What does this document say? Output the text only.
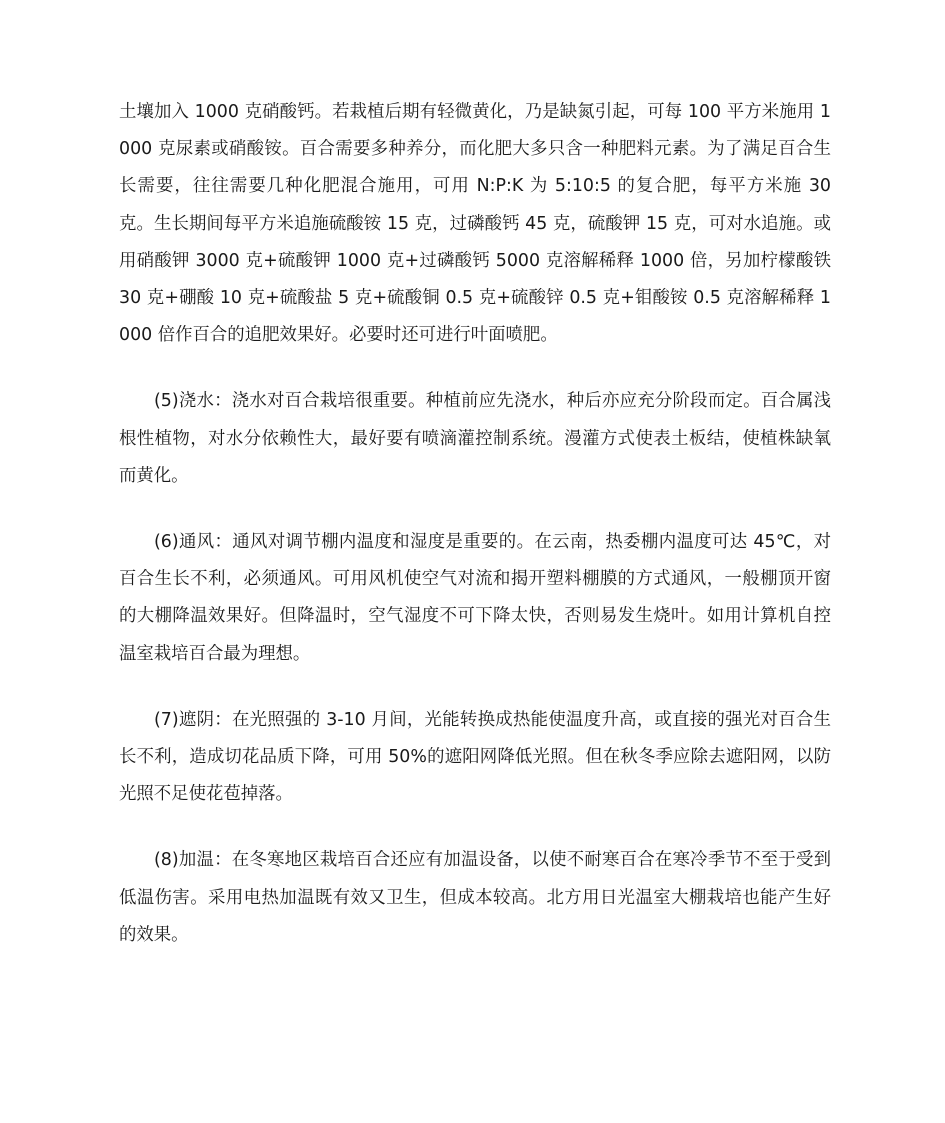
土壤加入 1000 克硝酸钙。若栽植后期有轻微黄化，乃是缺氮引起，可每 100 平方米施用 1000 克尿素或硝酸铵。百合需要多种养分，而化肥大多只含一种肥料元素。为了满足百合生长需要，往往需要几种化肥混合施用，可用 N:P:K 为 5:10:5 的复合肥，每平方米施 30 克。生长期间每平方米追施硫酸铵 15 克，过磷酸钙 45 克，硫酸钾 15 克，可对水追施。或用硝酸钾 3000 克+硫酸钾 1000 克+过磷酸钙 5000 克溶解稀释 1000 倍，另加柠檬酸铁 30 克+硼酸 10 克+硫酸盐 5 克+硫酸铜 0.5 克+硫酸锌 0.5 克+钼酸铵 0.5 克溶解稀释 1000 倍作百合的追肥效果好。必要时还可进行叶面喷肥。

(5)浇水：浇水对百合栽培很重要。种植前应先浇水，种后亦应充分阶段而定。百合属浅根性植物，对水分依赖性大，最好要有喷滴灌控制系统。漫灌方式使表土板结，使植株缺氧而黄化。

(6)通风：通风对调节棚内温度和湿度是重要的。在云南，热委棚内温度可达 45℃，对百合生长不利，必须通风。可用风机使空气对流和揭开塑料棚膜的方式通风，一般棚顶开窗的大棚降温效果好。但降温时，空气湿度不可下降太快，否则易发生烧叶。如用计算机自控温室栽培百合最为理想。

(7)遮阴：在光照强的 3-10 月间，光能转换成热能使温度升高，或直接的强光对百合生长不利，造成切花品质下降，可用 50%的遮阳网降低光照。但在秋冬季应除去遮阳网，以防光照不足使花苞掉落。

(8)加温：在冬寒地区栽培百合还应有加温设备，以使不耐寒百合在寒冷季节不至于受到低温伤害。采用电热加温既有效又卫生，但成本较高。北方用日光温室大棚栽培也能产生好的效果。
